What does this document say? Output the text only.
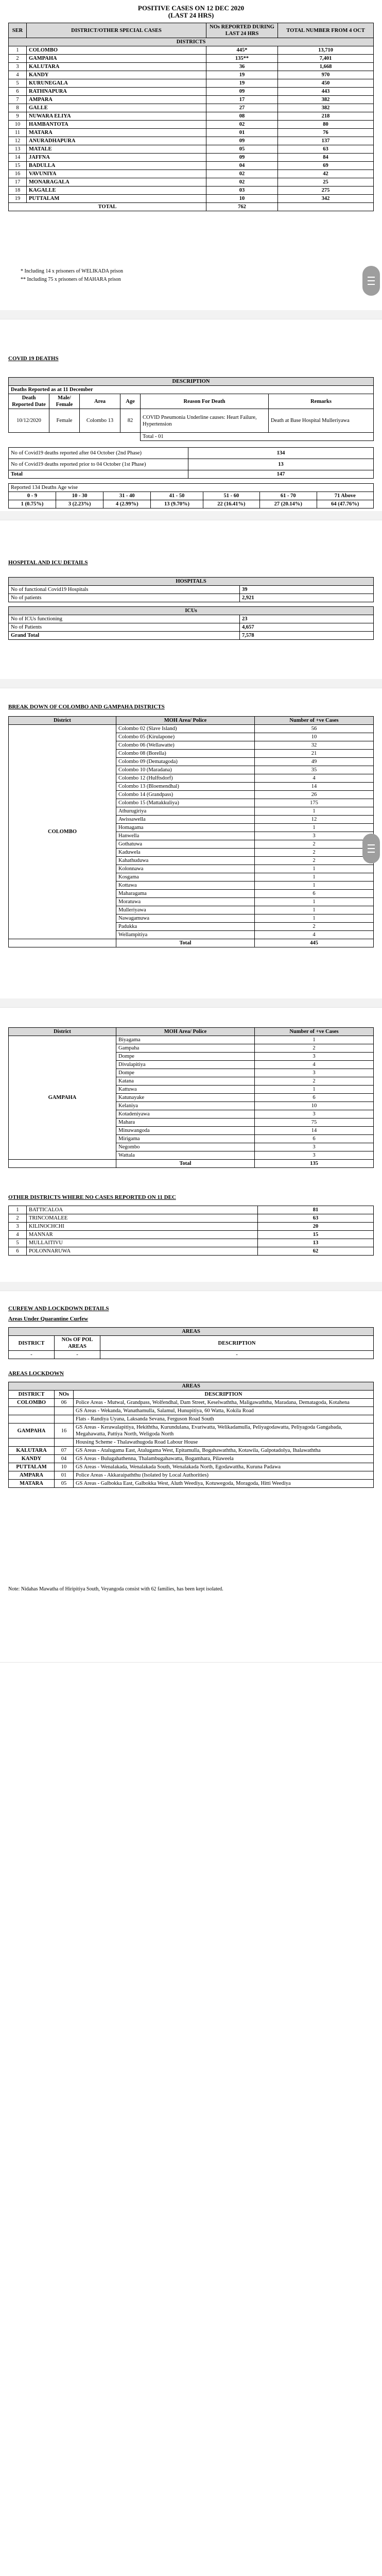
POSITIVE CASES ON 12 DEC 2020
(LAST 24 HRS)
SER	DISTRICT/OTHER SPECIAL CASES	NOs REPORTED DURING LAST 24 HRS	TOTAL NUMBER FROM 4 OCT
DISTRICTS			
1	COLOMBO	445*	13,710
2	GAMPAHA	135**	7,401
3	KALUTARA	36	1,668
4	KANDY	19	970
5	KURUNEGALA	19	450
6	RATHNAPURA	09	443
7	AMPARA	17	382
8	GALLE	27	382
9	NUWARA ELIYA	08	218
10	HAMBANTOTA	02	80
11	MATARA	01	76
12	ANURADHAPURA	09	137
13	MATALE	05	63
14	JAFFNA	09	84
15	BADULLA	04	69
16	VAVUNIYA	02	42
17	MONARAGALA	02	25
18	KAGALLE	03	275
19	PUTTALAM	10	342
TOTAL		762	
* Including 14 x prisoners of WELIKADA prison
** Including 75 x prisoners of MAHARA prison
COVID 19 DEATHS
DESCRIPTION					
Deaths Reported as at 11 December					
Death Reported Date	Male/ Female	Area	Age	Reason For Death	Remarks
10/12/2020	Female	Colombo 13	82	COVID Pneumonia Underline causes: Heart Failure, Hypertension	Death at Base Hospital Mulleriyawa
				Total - 01	
No of Covid19 deaths reported after 04 October (2nd Phase)	134
No of Covid19 deaths reported prior to 04 October (1st Phase)	13
Total	147
Reported 134 Deaths Age wise						
0 - 9	10 - 30	31 - 40	41 - 50	51 - 60	61 - 70	71 Above
1 (0.75%)	3 (2.23%)	4 (2.99%)	13 (9.70%)	22 (16.41%)	27 (20.14%)	64 (47.76%)
HOSPITAL AND ICU DETAILS
HOSPITALS	
No of functional Covid19 Hospitals	39
No of patients	2,921

ICUs	
No of ICUs functioning	23
No of Patients	4,657
Grand Total	7,578
BREAK DOWN OF COLOMBO AND GAMPAHA DISTRICTS
District	MOH Area/ Police	Number of +ve Cases
COLOMBO	Colombo 02 (Slave Island)	56
	Colombo 05 (Kirulapone)	10
	Colombo 06 (Wellawatte)	32
	Colombo 08 (Borella)	21
	Colombo 09 (Dematagoda)	49
	Colombo 10 (Maradana)	35
	Colombo 12 (Hulftsdorf)	4
	Colombo 13 (Bloemendhal)	14
	Colombo 14 (Grandpass)	26
	Colombo 15 (Mattakkuliya)	175
	Athurugiriya	1
	Awissawella	12
	Homagama	1
	Hanwella	3
	Gothatuwa	2
	Kaduwela	2
	Kahathuduwa	2
	Kolonnawa	1
	Kosgama	1
	Kottawa	1
	Maharagama	6
	Moratuwa	1
	Mulleriyawa	1
	Nawagamuwa	1
	Padukka	2
	Wellampitiya	4
	Total	445
District	MOH Area/ Police	Number of +ve Cases
GAMPAHA	Biyagama	1
	Gampaha	2
	Dompe	3
	Divulapitiya	4
	Dompe	3
	Katana	2
	Kattuwa	1
	Katunayake	6
	Kelaniya	10
	Kotadeniyawa	3
	Mahara	75
	Minuwangoda	14
	Mirigama	6
	Negombo	3
	Wattala	3
	Total	135
OTHER DISTRICTS WHERE NO CASES REPORTED ON 11 DEC
1	BATTICALOA	81
2	TRINCOMALEE	63
3	KILINOCHCHI	20
4	MANNAR	15
5	MULLAITIVU	13
6	POLONNARUWA	62
CURFEW AND LOCKDOWN DETAILS
Areas Under Quarantine Curfew
AREAS		
DISTRICT	NOs OF POL AREAS	DESCRIPTION
-	-	-
AREAS LOCKDOWN
AREAS		
DISTRICT	NOs	DESCRIPTION
COLOMBO	06	Police Areas - Mutwal, Grandpass, Wolfendhal, Dam Street, Keselwaththa, Maligawaththa, Maradana, Dematagoda, Kotahena
		GS Areas - Wekanda, Wanathamulla, Salamul, Hunupitiya, 60 Watta, Kokila Road
		Flats - Randiya Uyana, Laksanda Sevana, Ferguson Road South
GAMPAHA	16	GS Areas - Kerawalapitiya, Hekiththa, Kurundulana, Evariwatta, Welikadamulla, Peliyagodawatta, Peliyagoda Gangabada, Megahawatta, Pattiya North, Weligoda North
		Housing Scheme - Thalawathugoda Road Labour House
KALUTARA	07	GS Areas - Atalugama East, Atalugama West, Epitamulla, Bogahawaththa, Kotawila, Galpotadolya, Ihalawaththa
KANDY	04	GS Areas - Bulugahathenna, Thalambugahawatta, Bogamhara, Pilaweela
PUTTALAM	10	GS Areas - Wenalakada, Wenalakada South, Wenalakada North, Egodawattha, Kuruna Padawa
AMPARA	01	Police Areas - Akkaraipaththu (Isolated by Local Authorities)
MATARA	05	GS Areas - Galbokka East, Galbokka West, Aluth Weediya, Kotuwegoda, Moragoda, Hitti Weediya
Note: Nidahas Mawatha of Hiripitiya South, Veyangoda consist with 62 families, has been kept isolated.
